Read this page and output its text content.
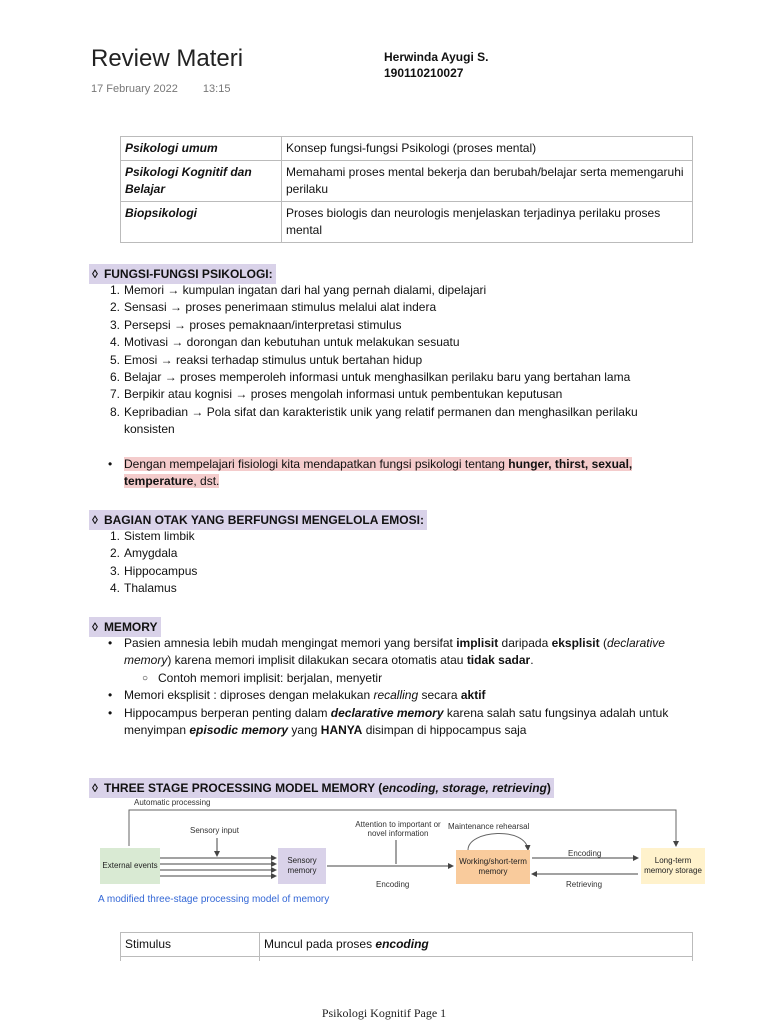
Review Materi
17 February 2022 13:15
Herwinda Ayugi S.
190110210027
Psikologi umum	Konsep fungsi-fungsi Psikologi (proses mental)
Psikologi Kognitif dan Belajar	Memahami proses mental bekerja dan berubah/belajar serta memengaruhi perilaku
Biopsikologi	Proses biologis dan neurologis menjelaskan terjadinya perilaku proses mental
◊ FUNGSI-FUNGSI PSIKOLOGI:
1. Memori → kumpulan ingatan dari hal yang pernah dialami, dipelajari
2. Sensasi → proses penerimaan stimulus melalui alat indera
3. Persepsi → proses pemaknaan/interpretasi stimulus
4. Motivasi → dorongan dan kebutuhan untuk melakukan sesuatu
5. Emosi → reaksi terhadap stimulus untuk bertahan hidup
6. Belajar → proses memperoleh informasi untuk menghasilkan perilaku baru yang bertahan lama
7. Berpikir atau kognisi → proses mengolah informasi untuk pembentukan keputusan
8. Kepribadian → Pola sifat dan karakteristik unik yang relatif permanen dan menghasilkan perilaku konsisten
• Dengan mempelajari fisiologi kita mendapatkan fungsi psikologi tentang hunger, thirst, sexual, temperature, dst.
◊ BAGIAN OTAK YANG BERFUNGSI MENGELOLA EMOSI:
1. Sistem limbik
2. Amygdala
3. Hippocampus
4. Thalamus
◊ MEMORY
• Pasien amnesia lebih mudah mengingat memori yang bersifat implisit daripada eksplisit (declarative memory) karena memori implisit dilakukan secara otomatis atau tidak sadar.
○ Contoh memori implisit: berjalan, menyetir
• Memori eksplisit : diproses dengan melakukan recalling secara aktif
• Hippocampus berperan penting dalam declarative memory karena salah satu fungsinya adalah untuk menyimpan episodic memory yang HANYA disimpan di hippocampus saja
◊ THREE STAGE PROCESSING MODEL MEMORY (encoding, storage, retrieving)
Automatic processing
Sensory input
Attention to important or novel information
Maintenance rehearsal
External events
Sensory memory
Working/short-term memory
Long-term memory storage
Encoding
Encoding
Retrieving
A modified three-stage processing model of memory
Stimulus	Muncul pada proses encoding

Psikologi Kognitif Page 1
